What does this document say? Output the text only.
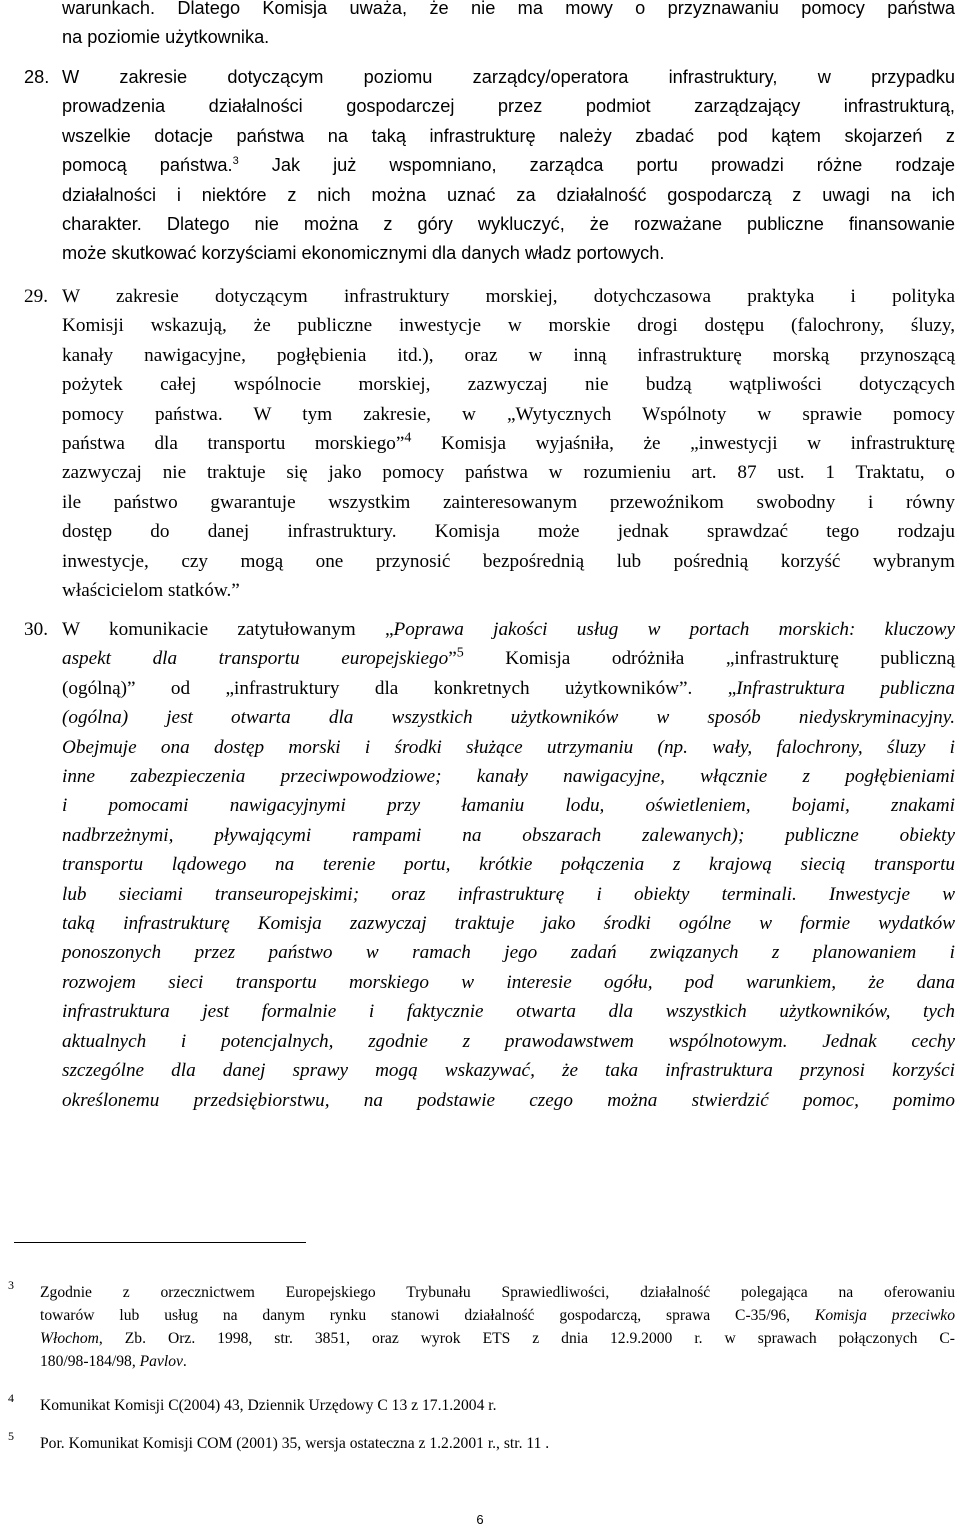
warunkach. Dlatego Komisja uważa, że nie ma mowy o przyznawaniu pomocy państwa
na poziomie użytkownika.
28. W zakresie dotyczącym poziomu zarządcy/operatora infrastruktury, w przypadku
prowadzenia działalności gospodarczej przez podmiot zarządzający infrastrukturą,
wszelkie dotacje państwa na taką infrastrukturę należy zbadać pod kątem skojarzeń z
pomocą państwa.$^3$ Jak już wspomniano, zarządca portu prowadzi różne rodzaje
działalności i niektóre z nich można uznać za działalność gospodarczą z uwagi na ich
charakter. Dlatego nie można z góry wykluczyć, że rozważane publiczne finansowanie
może skutkować korzyściami ekonomicznymi dla danych władz portowych.
29. W zakresie dotyczącym infrastruktury morskiej, dotychczasowa praktyka i polityka
Komisji wskazują, że publiczne inwestycje w morskie drogi dostępu (falochrony, śluzy,
kanały nawigacyjne, pogłębienia itd.), oraz w inną infrastrukturę morską przynoszącą
pożytek całej wspólnocie morskiej, zazwyczaj nie budzą wątpliwości dotyczących
pomocy państwa. W tym zakresie, w „Wytycznych Wspólnoty w sprawie pomocy
państwa dla transportu morskiego”$^4$ Komisja wyjaśniła, że „inwestycji w infrastrukturę
zazwyczaj nie traktuje się jako pomocy państwa w rozumieniu art. 87 ust. 1 Traktatu, o
ile państwo gwarantuje wszystkim zainteresowanym przewoźnikom swobodny i równy
dostęp do danej infrastruktury. Komisja może jednak sprawdzać tego rodzaju
inwestycje, czy mogą one przynosić bezpośrednią lub pośrednią korzyść wybranym
właścicielom statków.”
30. W komunikacie zatytułowanym „Poprawa jakości usług w portach morskich: kluczowy
aspekt dla transportu europejskiego”$^5$ Komisja odróżniła „infrastrukturę publiczną
(ogólną)” od „infrastruktury dla konkretnych użytkowników”. „Infrastruktura publiczna
(ogólna) jest otwarta dla wszystkich użytkowników w sposób niedyskryminacyjny.
Obejmuje ona dostęp morski i środki służące utrzymaniu (np. wały, falochrony, śluzy i
inne zabezpieczenia przeciwpowodziowe; kanały nawigacyjne, włącznie z pogłębieniami
i pomocami nawigacyjnymi przy łamaniu lodu, oświetleniem, bojami, znakami
nadbrzeżnymi, pływającymi rampami na obszarach zalewanych); publiczne obiekty
transportu lądowego na terenie portu, krótkie połączenia z krajową siecią transportu
lub sieciami transeuropejskimi; oraz infrastrukturę i obiekty terminali. Inwestycje w
taką infrastrukturę Komisja zazwyczaj traktuje jako środki ogólne w formie wydatków
ponoszonych przez państwo w ramach jego zadań związanych z planowaniem i
rozwojem sieci transportu morskiego w interesie ogółu, pod warunkiem, że dana
infrastruktura jest formalnie i faktycznie otwarta dla wszystkich użytkowników, tych
aktualnych i potencjalnych, zgodnie z prawodawstwem wspólnotowym. Jednak cechy
szczególne dla danej sprawy mogą wskazywać, że taka infrastruktura przynosi korzyści
określonemu przedsiębiorstwu, na podstawie czego można stwierdzić pomoc, pomimo
3 Zgodnie z orzecznictwem Europejskiego Trybunału Sprawiedliwości, działalność polegająca na oferowaniu
towarów lub usług na danym rynku stanowi działalność gospodarczą, sprawa C-35/96, Komisja przeciwko
Włochom, Zb. Orz. 1998, str. 3851, oraz wyrok ETS z dnia 12.9.2000 r. w sprawach połączonych C-
180/98-184/98, Pavlov.
4 Komunikat Komisji C(2004) 43, Dziennik Urzędowy C 13 z 17.1.2004 r.
5 Por. Komunikat Komisji COM (2001) 35, wersja ostateczna z 1.2.2001 r., str. 11 .
6
